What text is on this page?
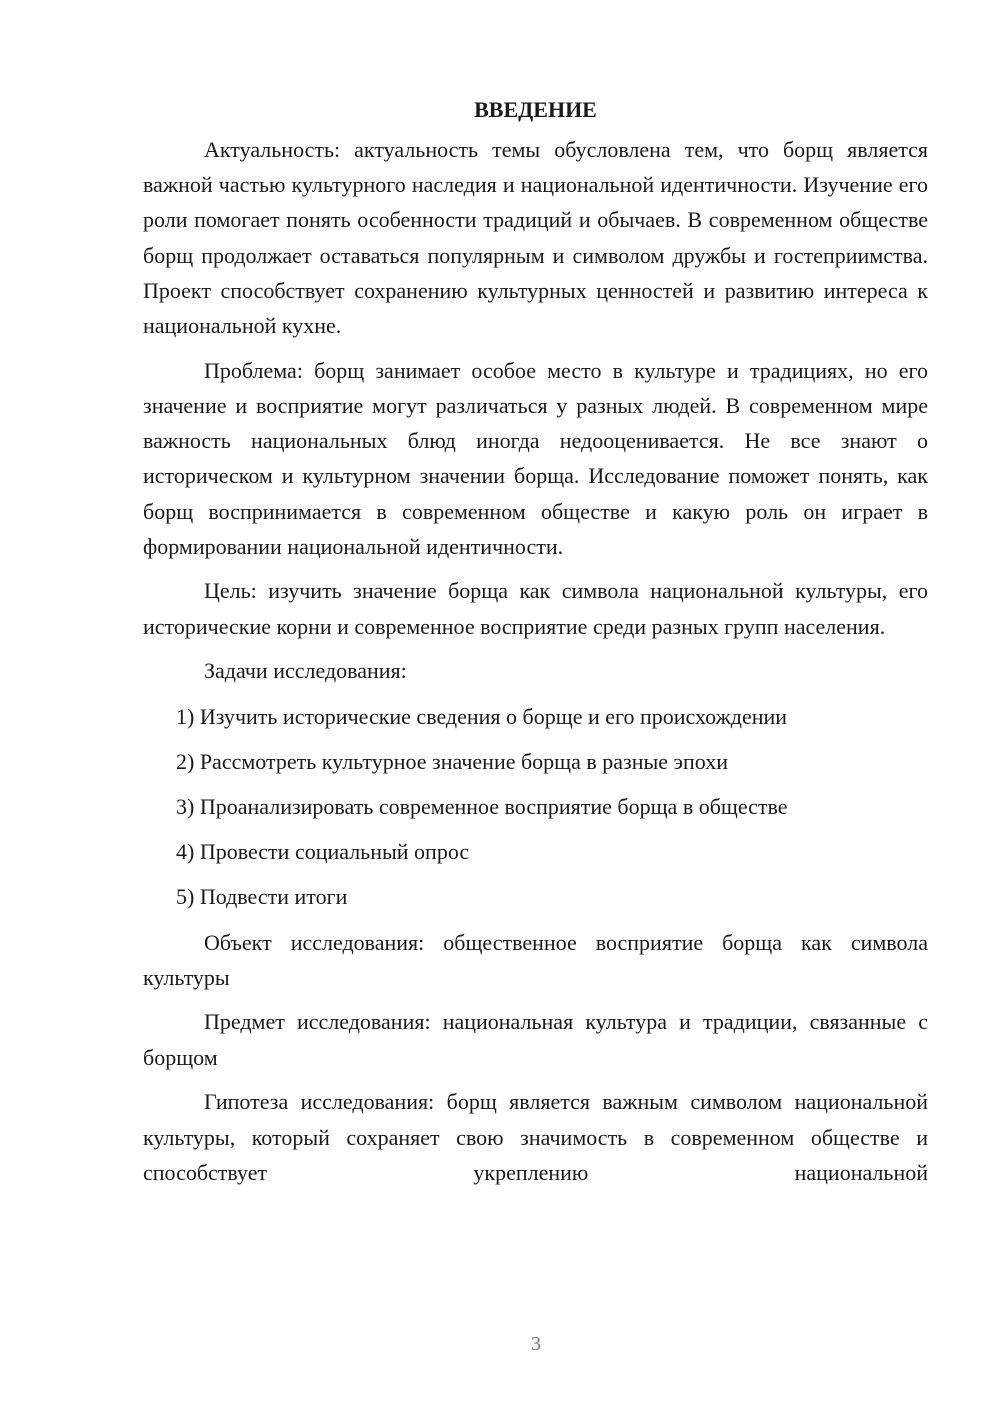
ВВЕДЕНИЕ

Актуальность: актуальность темы обусловлена тем, что борщ является важной частью культурного наследия и национальной идентичности. Изучение его роли помогает понять особенности традиций и обычаев. В современном обществе борщ продолжает оставаться популярным и символом дружбы и гостеприимства. Проект способствует сохранению культурных ценностей и развитию интереса к национальной кухне.

Проблема: борщ занимает особое место в культуре и традициях, но его значение и восприятие могут различаться у разных людей. В современном мире важность национальных блюд иногда недооценивается. Не все знают о историческом и культурном значении борща. Исследование поможет понять, как борщ воспринимается в современном обществе и какую роль он играет в формировании национальной идентичности.

Цель: изучить значение борща как символа национальной культуры, его исторические корни и современное восприятие среди разных групп населения.

Задачи исследования:

1) Изучить исторические сведения о борще и его происхождении
2) Рассмотреть культурное значение борща в разные эпохи
3) Проанализировать современное восприятие борща в обществе
4) Провести социальный опрос
5) Подвести итоги

Объект исследования: общественное восприятие борща как символа культуры

Предмет исследования: национальная культура и традиции, связанные с борщом

Гипотеза исследования: борщ является важным символом национальной культуры, который сохраняет свою значимость в современном обществе и способствует укреплению национальной

3
